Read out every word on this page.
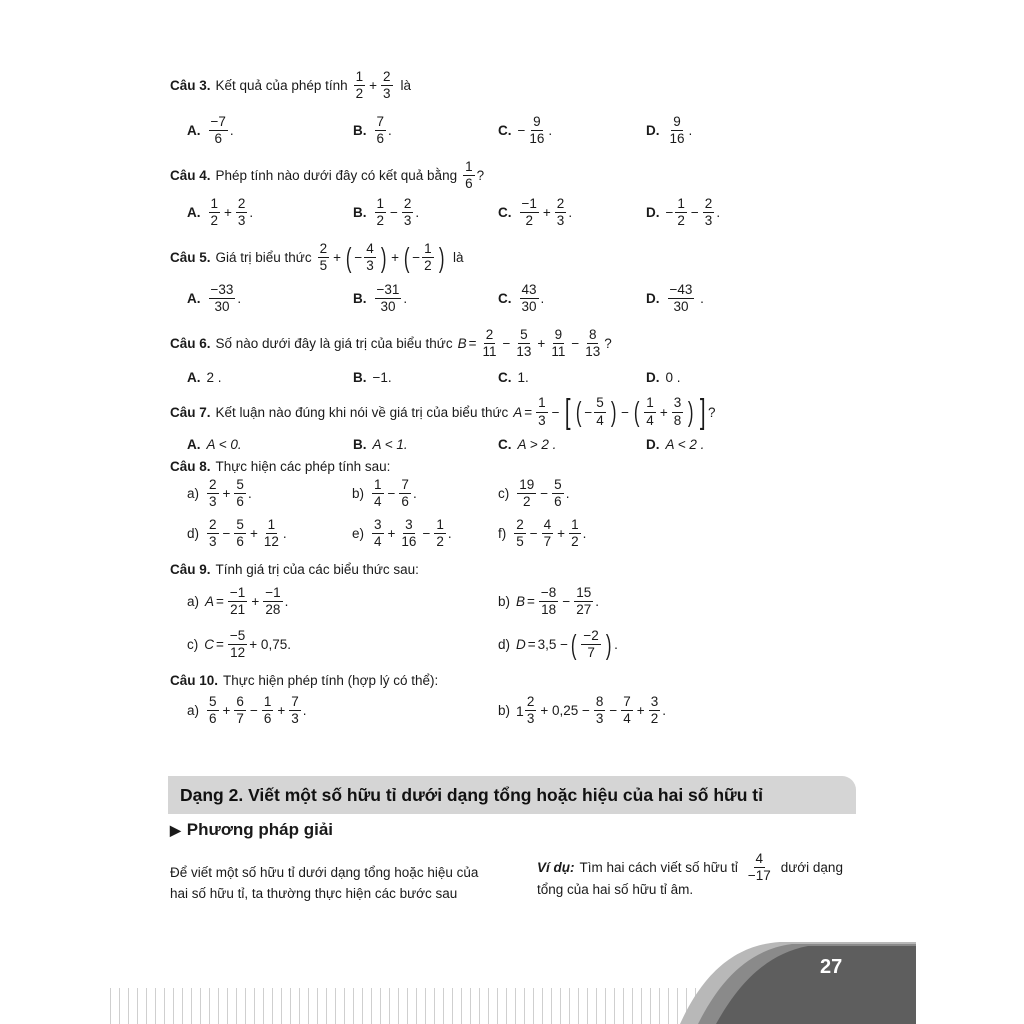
Câu 3. Kết quả của phép tính $\frac{1}{2} + \frac{2}{3}$ là
A. $\frac{-7}{6}$ .	B. $\frac{7}{6}$ .	C. − $\frac{9}{16}$ .	D. $\frac{9}{16}$ .
Câu 4. Phép tính nào dưới đây có kết quả bằng $\frac{1}{6}$ ?
A. $\frac{1}{2} + \frac{2}{3}$ .	B. $\frac{1}{2} - \frac{2}{3}$ .	C. $\frac{-1}{2} + \frac{2}{3}$ .	D. − $\frac{1}{2} - \frac{2}{3}$ .
Câu 5. Giá trị biểu thức $\frac{2}{5}$ + ( − $\frac{4}{3}$ ) + ( − $\frac{1}{2}$ ) là
A. $\frac{-33}{30}$ .	B. $\frac{-31}{30}$ .	C. $\frac{43}{30}$ .	D. $\frac{-43}{30}$ .
Câu 6. Số nào dưới đây là giá trị của biểu thức $B = \frac{2}{11} - \frac{5}{13} + \frac{9}{11} - \frac{8}{13}$ ?
A. 2 .	B. −1.	C. 1.	D. 0 .
Câu 7. Kết luận nào đúng khi nói về giá trị của biểu thức $A = \frac{1}{3}$ − [ ( − $\frac{5}{4}$ ) − ( $\frac{1}{4} + \frac{3}{8}$ ) ] ?
A. A < 0.	B. A < 1.	C. A > 2 .	D. A < 2 .
Câu 8. Thực hiện các phép tính sau:
$a) \frac{2}{3} + \frac{5}{6}$ .	$b) \frac{1}{4} - \frac{7}{6}$ .	$c) \frac{19}{2} - \frac{5}{6}$ .
$d) \frac{2}{3} - \frac{5}{6} + \frac{1}{12}$ .	$e) \frac{3}{4} + \frac{3}{16} - \frac{1}{2}$ .	$f) \frac{2}{5} - \frac{4}{7} + \frac{1}{2}$ .
Câu 9. Tính giá trị của các biểu thức sau:
a) $A = \frac{-1}{21} + \frac{-1}{28}$ .	b) $B = \frac{-8}{18} - \frac{15}{27}$ .
c) $C = \frac{-5}{12} + 0,75$.	d) D = 3,5 − ( $\frac{-2}{7}$ ) .
Câu 10. Thực hiện phép tính (hợp lý có thể):
$a) \frac{5}{6} + \frac{6}{7} - \frac{1}{6} + \frac{7}{3}$ .	b) $1 \frac{2}{3} + 0,25 - \frac{8}{3} - \frac{7}{4} + \frac{3}{2}$ .
Dạng 2. Viết một số hữu tỉ dưới dạng tổng hoặc hiệu của hai số hữu tỉ
▶ Phương pháp giải
Để viết một số hữu tỉ dưới dạng tổng hoặc hiệu của
hai số hữu tỉ, ta thường thực hiện các bước sau
Ví dụ: Tìm hai cách viết số hữu tỉ $\frac{4}{-17}$ dưới dạng
tổng của hai số hữu tỉ âm.
27
